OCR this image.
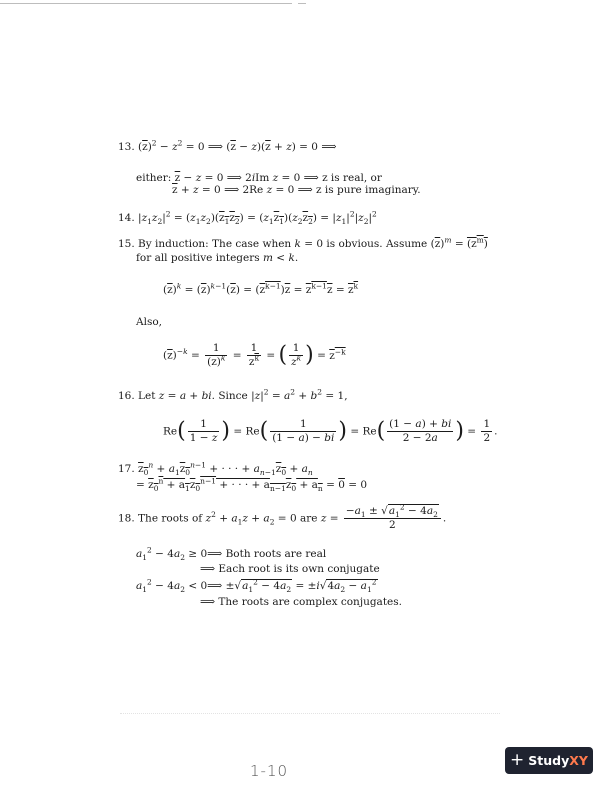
13. $(\overline{z})^2 - z^2 = 0$ ⟹ $(\overline{z} - z)(\overline{z} + z) = 0$ ⟹
either: $\overline{z} - z = 0$ ⟹ 2iIm z = 0 ⟹ z is real, or
$\overline{z} + z = 0$ ⟹ 2Re z = 0 ⟹ z is pure imaginary.
14. $|z_1z_2|^2 = (z_1z_2)(z_1z_2) = (z_1z_1)(z_2z_2) = |z_1|^2|z_2|^2$
15. By induction: The case when k = 0 is obvious. Assume $(\overline{z})^m = (z^m)$
for all positive integers m < k.
$(\overline{z})^k = (\overline{z})^{k-1}(\overline{z}) = (z^{k-1})\overline{z} = z^{k-1}z = z^k$
Also,
$(\overline{z})^{-k} = \frac{1}{(\overline{z})^k} = \frac{1}{z^k}$ = ( $\frac{1}{z^k}$ ) = $z^{-k}$
16. Let z = a + bi. Since $|z|^2 = a^2 + b^2 = 1$,
$Re( \frac{1}{1 - z}$ ) = $Re( \frac{1}{(1 - a) - bi}$ ) = $Re( \frac{(1 - a) + bi}{2 - 2a}$ ) = $\frac{1}{2}$ .
17. $z_0^n + a_1z_0^{n-1}$ + · · · + $a_{n-1}z_0 + a_n$
= $z_0^n + a_1z_0^{n-1}$ + · · · + $a_{n-1}z_0 + a_n = 0 = 0$
18. The roots of $z^2 + a_1z + a_2 = 0$ are $z = \frac{-a_1 \pm √a_1^2 - 4a_2}{2}$ .
$a_1^2 - 4a_2$ ≥ 0⟹ Both roots are real
⟹ Each root is its own conjugate
$a_1^2 - 4a_2$ < 0⟹ $\pm√a_1^2 - 4a_2 = \pm i√4a_2 - a_1^2$
⟹ The roots are complex conjugates.
1-10
+ StudyXY
